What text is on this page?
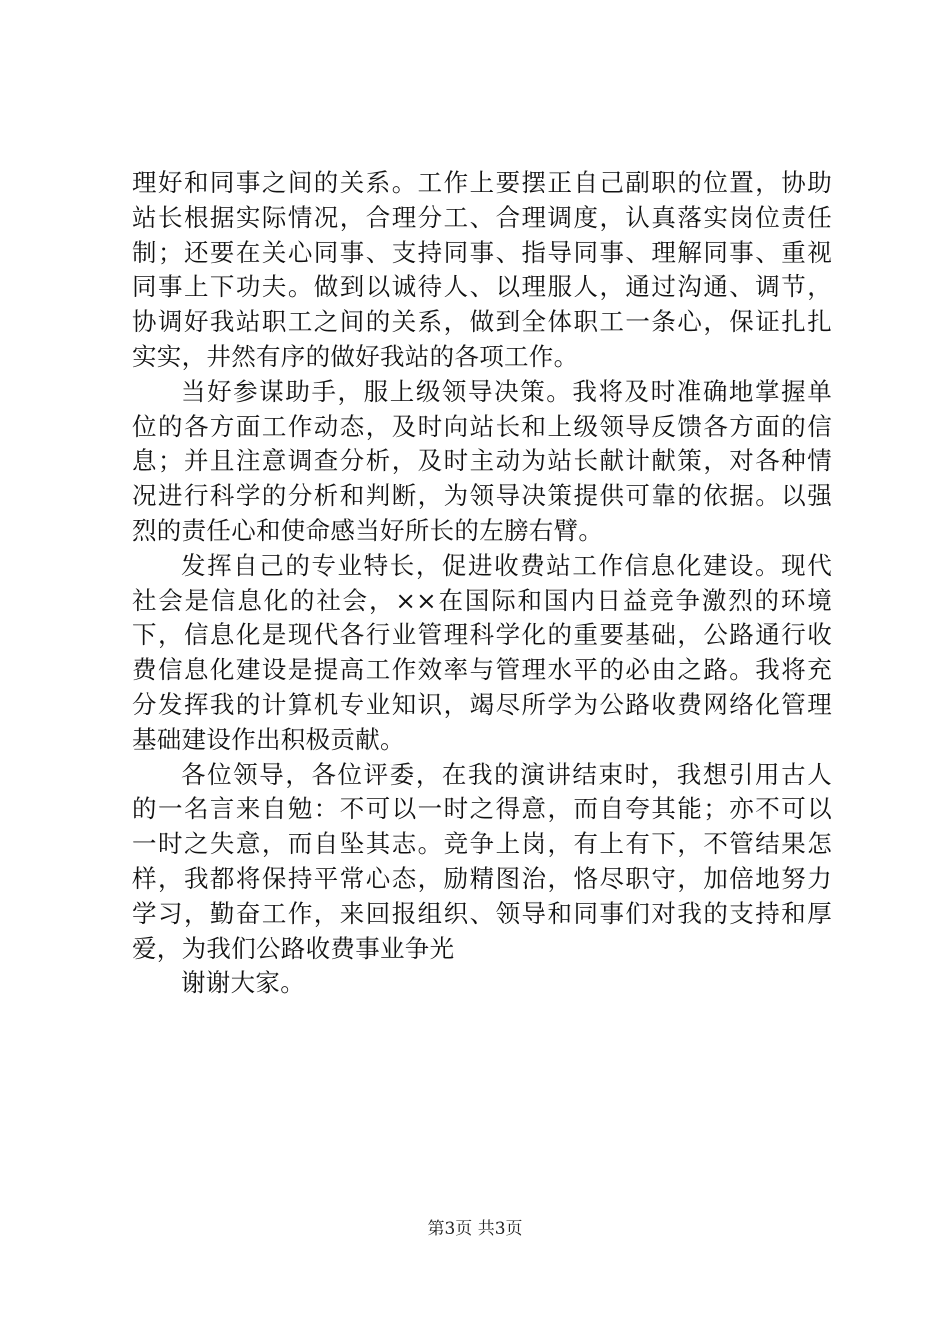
理好和同事之间的关系。工作上要摆正自己副职的位置，协助
站长根据实际情况，合理分工、合理调度，认真落实岗位责任
制；还要在关心同事、支持同事、指导同事、理解同事、重视
同事上下功夫。做到以诚待人、以理服人，通过沟通、调节，
协调好我站职工之间的关系，做到全体职工一条心，保证扎扎
实实，井然有序的做好我站的各项工作。
当好参谋助手，服上级领导决策。我将及时准确地掌握单
位的各方面工作动态，及时向站长和上级领导反馈各方面的信
息；并且注意调查分析，及时主动为站长献计献策，对各种情
况进行科学的分析和判断，为领导决策提供可靠的依据。以强
烈的责任心和使命感当好所长的左膀右臂。
发挥自己的专业特长，促进收费站工作信息化建设。现代
社会是信息化的社会，××在国际和国内日益竞争激烈的环境
下，信息化是现代各行业管理科学化的重要基础，公路通行收
费信息化建设是提高工作效率与管理水平的必由之路。我将充
分发挥我的计算机专业知识，竭尽所学为公路收费网络化管理
基础建设作出积极贡献。
各位领导，各位评委，在我的演讲结束时，我想引用古人
的一名言来自勉：不可以一时之得意，而自夸其能；亦不可以
一时之失意，而自坠其志。竞争上岗，有上有下，不管结果怎
样，我都将保持平常心态，励精图治，恪尽职守，加倍地努力
学习，勤奋工作，来回报组织、领导和同事们对我的支持和厚
爱，为我们公路收费事业争光
谢谢大家。
第3页 共3页
